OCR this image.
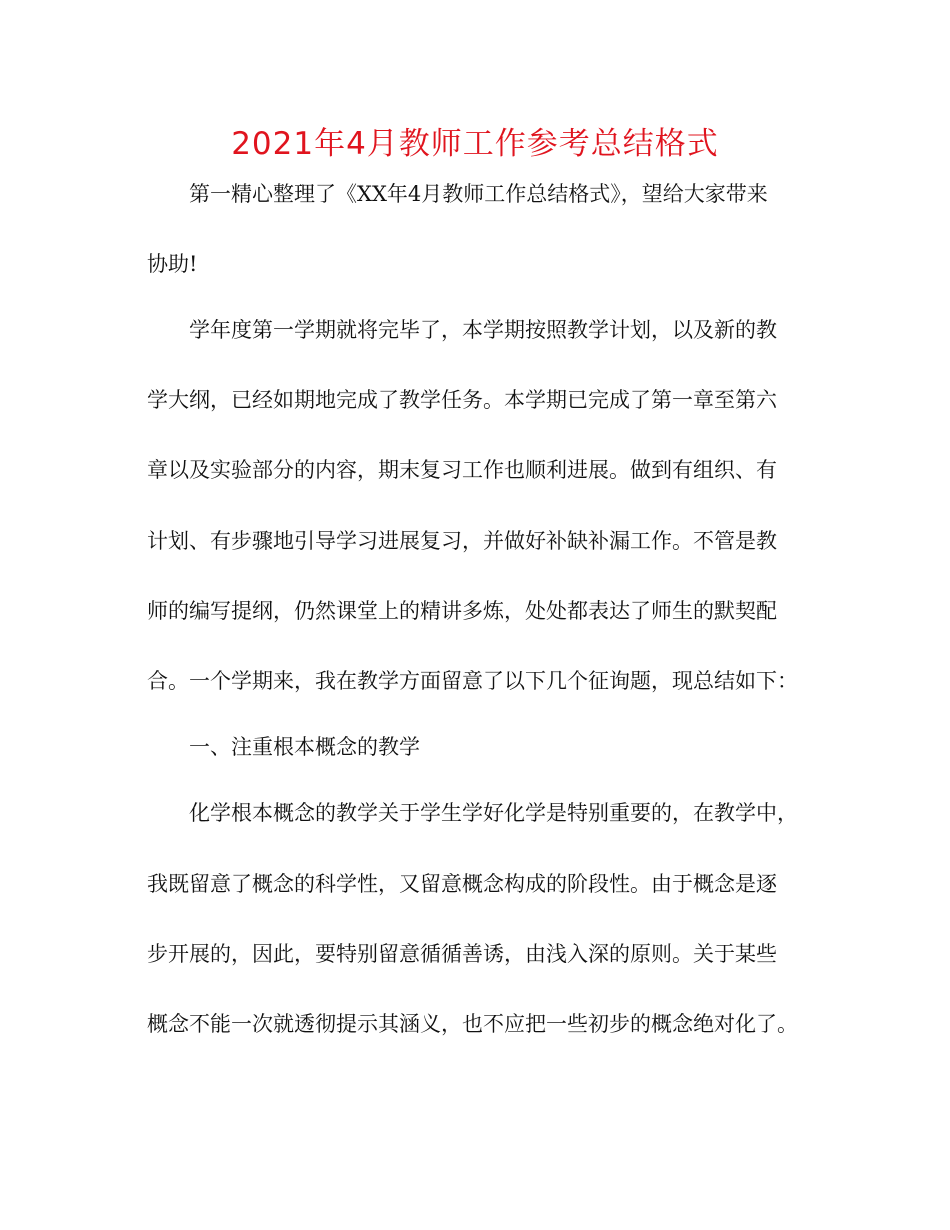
2021年4月教师工作参考总结格式
第一精心整理了《XX年4月教师工作总结格式》，望给大家带来
协助!
学年度第一学期就将完毕了，本学期按照教学计划，以及新的教
学大纲，已经如期地完成了教学任务。本学期已完成了第一章至第六
章以及实验部分的内容，期末复习工作也顺利进展。做到有组织、有
计划、有步骤地引导学习进展复习，并做好补缺补漏工作。不管是教
师的编写提纲，仍然课堂上的精讲多炼，处处都表达了师生的默契配
合。一个学期来，我在教学方面留意了以下几个征询题，现总结如下：
一、注重根本概念的教学
化学根本概念的教学关于学生学好化学是特别重要的，在教学中，
我既留意了概念的科学性，又留意概念构成的阶段性。由于概念是逐
步开展的，因此，要特别留意循循善诱，由浅入深的原则。关于某些
概念不能一次就透彻提示其涵义，也不应把一些初步的概念绝对化了。
